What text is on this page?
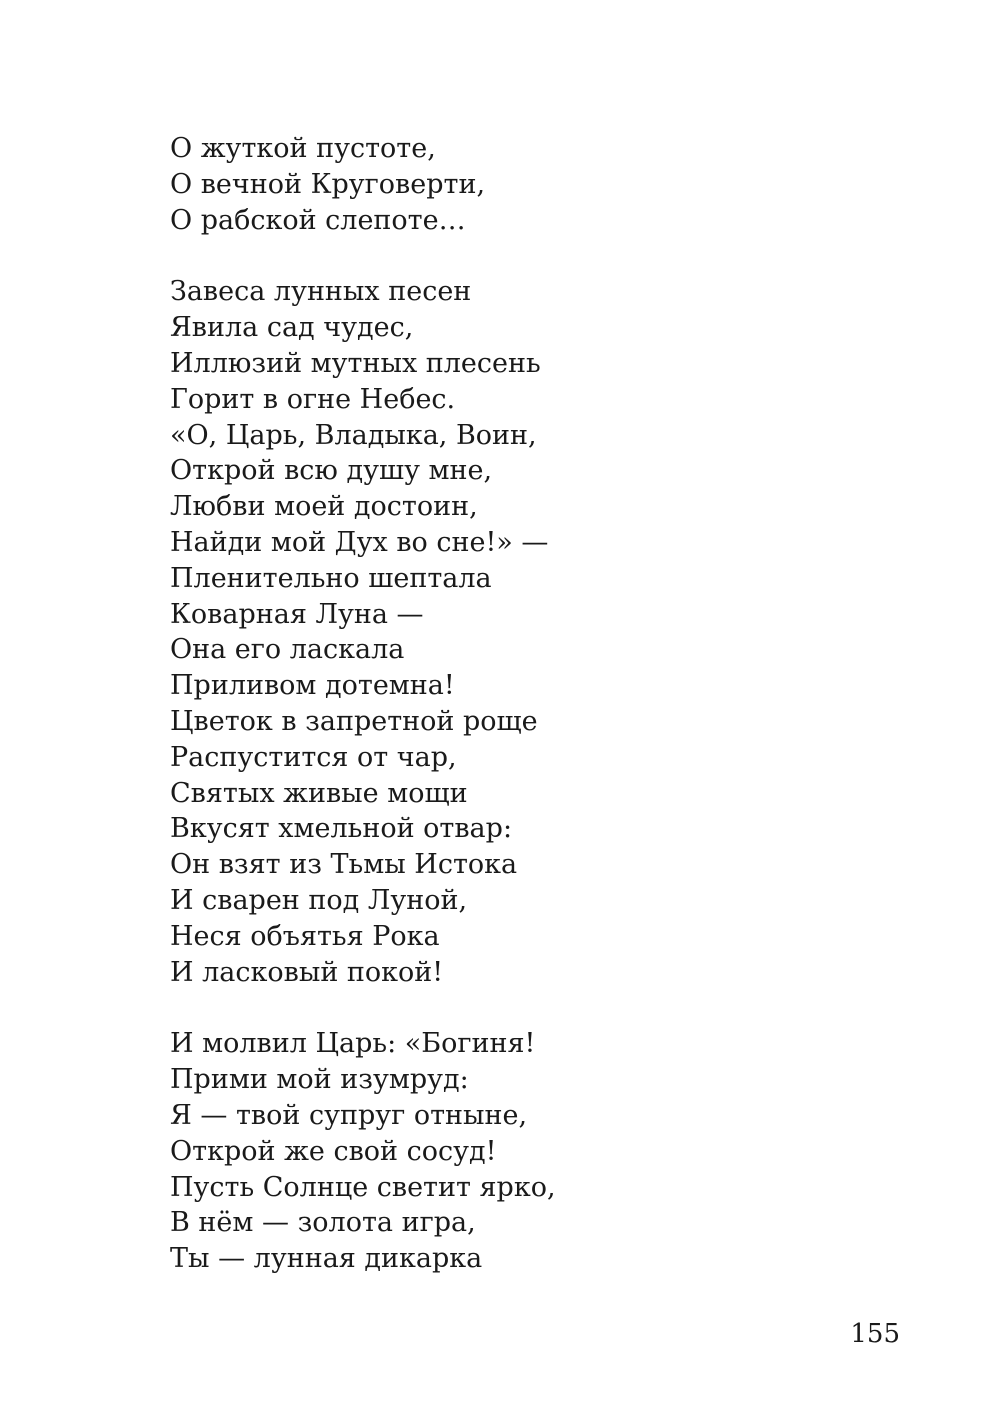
О жуткой пустоте,
О вечной Круговерти,
О рабской слепоте…
Завеса лунных песен
Явила сад чудес,
Иллюзий мутных плесень
Горит в огне Небес.
«О, Царь, Владыка, Воин,
Открой всю душу мне,
Любви моей достоин,
Найди мой Дух во сне!» —
Пленительно шептала
Коварная Луна —
Она его ласкала
Приливом дотемна!
Цветок в запретной роще
Распустится от чар,
Святых живые мощи
Вкусят хмельной отвар:
Он взят из Тьмы Истока
И сварен под Луной,
Неся объятья Рока
И ласковый покой!
И молвил Царь: «Богиня!
Прими мой изумруд:
Я — твой супруг отныне,
Открой же свой сосуд!
Пусть Солнце светит ярко,
В нём — золота игра,
Ты — лунная дикарка
155
